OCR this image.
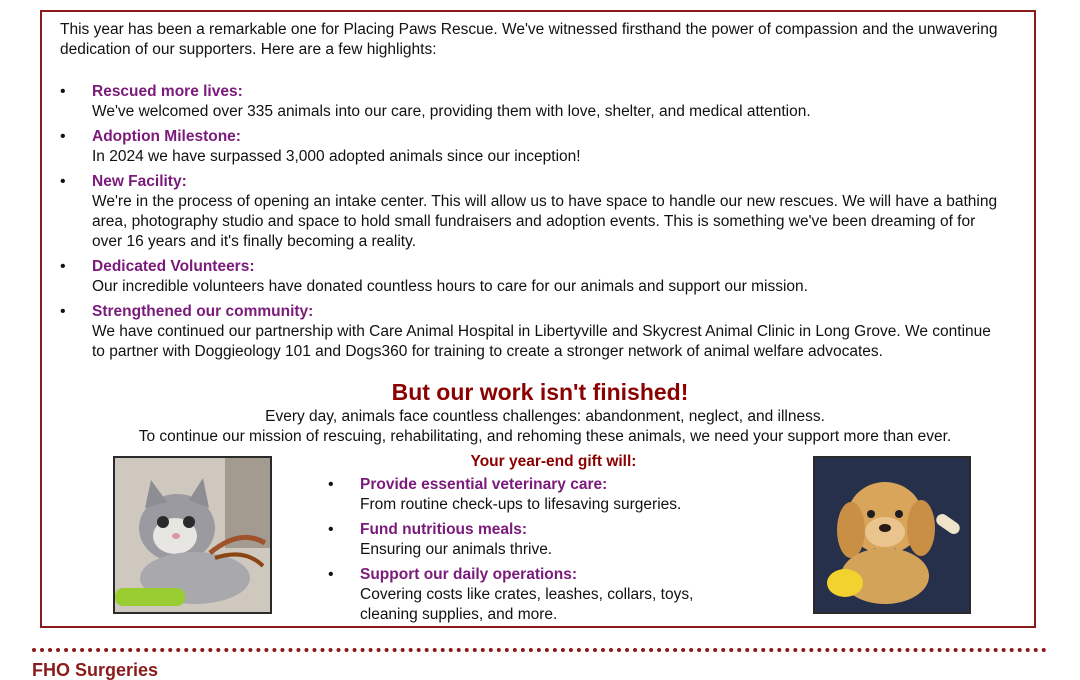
This year has been a remarkable one for Placing Paws Rescue. We've witnessed firsthand the power of compassion and the unwavering dedication of our supporters. Here are a few highlights:
• Rescued more lives:
We've welcomed over 335 animals into our care, providing them with love, shelter, and medical attention.
• Adoption Milestone:
In 2024 we have surpassed 3,000 adopted animals since our inception!
• New Facility:
We're in the process of opening an intake center. This will allow us to have space to handle our new rescues. We will have a bathing area, photography studio and space to hold small fundraisers and adoption events. This is something we've been dreaming of for over 16 years and it's finally becoming a reality.
• Dedicated Volunteers:
Our incredible volunteers have donated countless hours to care for our animals and support our mission.
• Strengthened our community:
We have continued our partnership with Care Animal Hospital in Libertyville and Skycrest Animal Clinic in Long Grove. We continue to partner with Doggieology 101 and Dogs360 for training to create a stronger network of animal welfare advocates.
But our work isn't finished!
Every day, animals face countless challenges: abandonment, neglect, and illness.
To continue our mission of rescuing, rehabilitating, and rehoming these animals, we need your support more than ever.
Your year-end gift will:
• Provide essential veterinary care:
From routine check-ups to lifesaving surgeries.
• Fund nutritious meals:
Ensuring our animals thrive.
• Support our daily operations:
Covering costs like crates, leashes, collars, toys, cleaning supplies, and more.
FHO Surgeries
